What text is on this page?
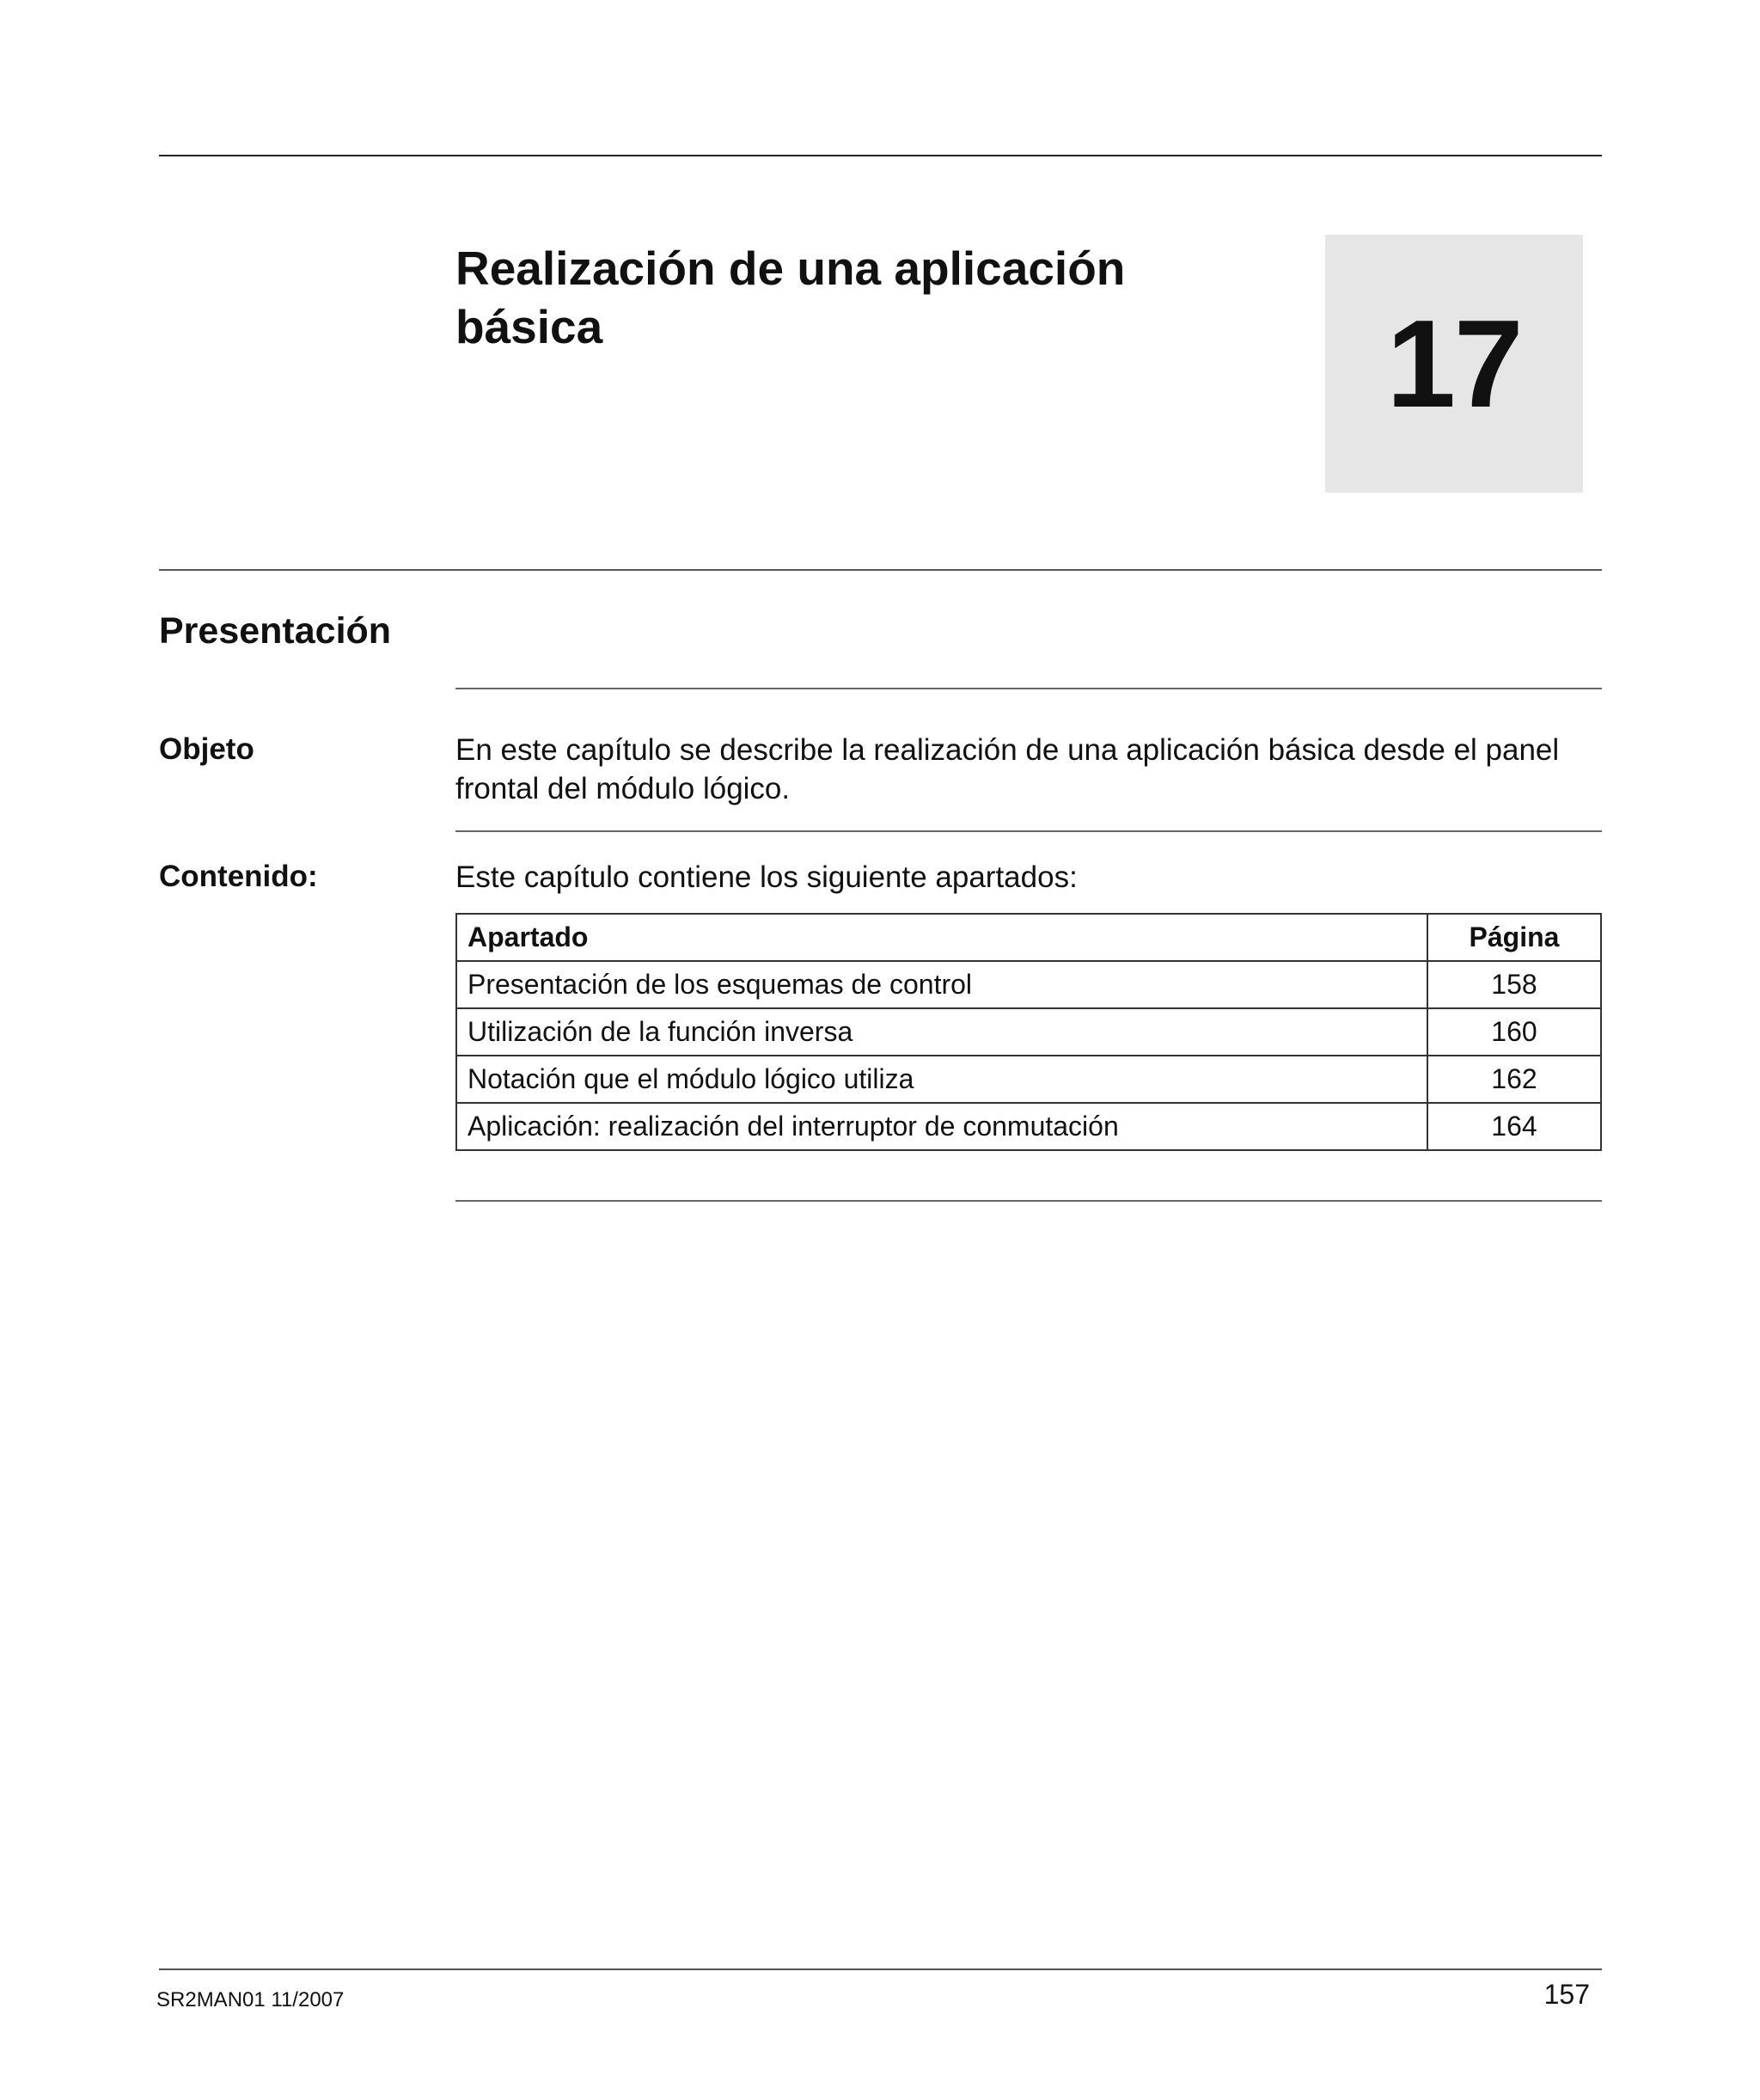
Realización de una aplicación básica	17
Presentación
Objeto	En este capítulo se describe la realización de una aplicación básica desde el panel frontal del módulo lógico.
Contenido:	Este capítulo contiene los siguiente apartados:
Apartado	Página
Presentación de los esquemas de control	158
Utilización de la función inversa	160
Notación que el módulo lógico utiliza	162
Aplicación: realización del interruptor de conmutación	164
SR2MAN01 11/2007	157
